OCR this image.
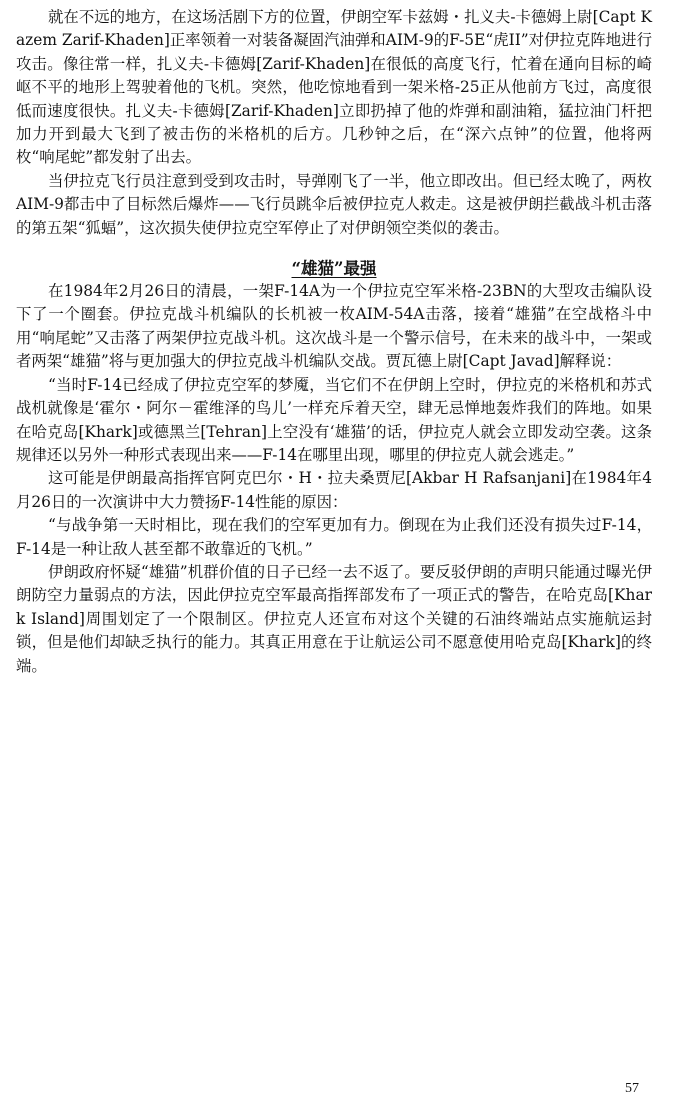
就在不远的地方，在这场活剧下方的位置，伊朗空军卡兹姆・扎义夫-卡德姆上尉[Capt Kazem Zarif-Khaden]正率领着一对装备凝固汽油弹和AIM-9的F-5E“虎II”对伊拉克阵地进行攻击。像往常一样，扎义夫-卡德姆[Zarif-Khaden]在很低的高度飞行，忙着在通向目标的崎岖不平的地形上驾驶着他的飞机。突然，他吃惊地看到一架米格-25正从他前方飞过，高度很低而速度很快。扎义夫-卡德姆[Zarif-Khaden]立即扔掉了他的炸弹和副油箱，猛拉油门杆把加力开到最大飞到了被击伤的米格机的后方。几秒钟之后，在“深六点钟”的位置，他将两枚“响尾蛇”都发射了出去。

当伊拉克飞行员注意到受到攻击时，导弹刚飞了一半，他立即改出。但已经太晚了，两枚AIM-9都击中了目标然后爆炸——飞行员跳伞后被伊拉克人救走。这是被伊朗拦截战斗机击落的第五架“狐蝠”，这次损失使伊拉克空军停止了对伊朗领空类似的袭击。

“雄猫”最强

在1984年2月26日的清晨，一架F-14A为一个伊拉克空军米格-23BN的大型攻击编队设下了一个圈套。伊拉克战斗机编队的长机被一枚AIM-54A击落，接着“雄猫”在空战格斗中用“响尾蛇”又击落了两架伊拉克战斗机。这次战斗是一个警示信号，在未来的战斗中，一架或者两架“雄猫”将与更加强大的伊拉克战斗机编队交战。贾瓦德上尉[Capt Javad]解释说：

“当时F-14已经成了伊拉克空军的梦魇，当它们不在伊朗上空时，伊拉克的米格机和苏式战机就像是‘霍尔・阿尔－霍维泽的鸟儿’一样充斥着天空，肆无忌惮地轰炸我们的阵地。如果在哈克岛[Khark]或德黑兰[Tehran]上空没有‘雄猫’的话，伊拉克人就会立即发动空袭。这条规律还以另外一种形式表现出来——F-14在哪里出现，哪里的伊拉克人就会逃走。”

这可能是伊朗最高指挥官阿克巴尔・H・拉夫桑贾尼[Akbar H Rafsanjani]在1984年4月26日的一次演讲中大力赞扬F-14性能的原因：

“与战争第一天时相比，现在我们的空军更加有力。倒现在为止我们还没有损失过F-14，F-14是一种让敌人甚至都不敢靠近的飞机。”

伊朗政府怀疑“雄猫”机群价值的日子已经一去不返了。要反驳伊朗的声明只能通过曝光伊朗防空力量弱点的方法，因此伊拉克空军最高指挥部发布了一项正式的警告，在哈克岛[Khark Island]周围划定了一个限制区。伊拉克人还宣布对这个关键的石油终端站点实施航运封锁，但是他们却缺乏执行的能力。其真正用意在于让航运公司不愿意使用哈克岛[Khark]的终端。

57
